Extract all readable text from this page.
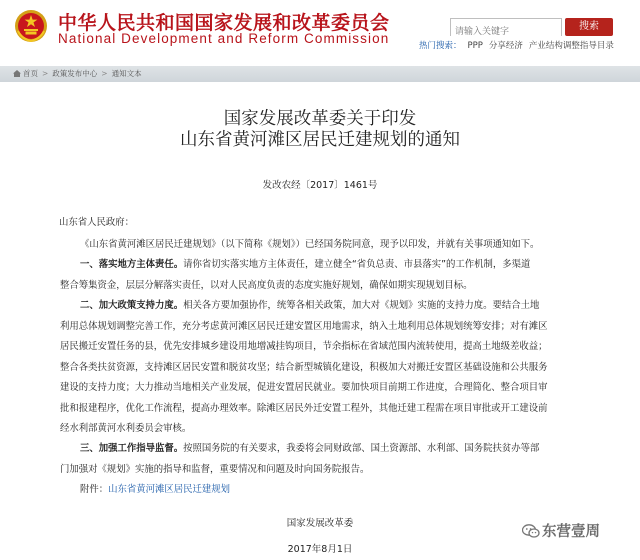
中华人民共和国国家发展和改革委员会
National Development and Reform Commission
请输入关键字
搜索
热门搜索： PPP 分享经济 产业结构调整指导目录
首页 > 政策发布中心 > 通知文本
国家发展改革委关于印发
山东省黄河滩区居民迁建规划的通知
发改农经〔2017〕1461号
山东省人民政府：
《山东省黄河滩区居民迁建规划》（以下简称《规划》）已经国务院同意，现予以印发，并就有关事项通知如下。
一、落实地方主体责任。请你省切实落实地方主体责任，建立健全“省负总责、市县落实”的工作机制，多渠道
整合筹集资金，层层分解落实责任，以对人民高度负责的态度实施好规划，确保如期实现规划目标。
二、加大政策支持力度。相关各方要加强协作，统筹各相关政策，加大对《规划》实施的支持力度。要结合土地
利用总体规划调整完善工作，充分考虑黄河滩区居民迁建安置区用地需求，纳入土地利用总体规划统筹安排；对有滩区
居民搬迁安置任务的县，优先安排城乡建设用地增减挂钩项目，节余指标在省域范围内流转使用，提高土地级差收益；
整合各类扶贫资源，支持滩区居民安置和脱贫攻坚；结合新型城镇化建设，积极加大对搬迁安置区基础设施和公共服务
建设的支持力度；大力推动当地相关产业发展，促进安置居民就业。要加快项目前期工作进度，合理简化、整合项目审
批和报建程序，优化工作流程，提高办理效率。除滩区居民外迁安置工程外，其他迁建工程需在项目审批或开工建设前
经水利部黄河水利委员会审核。
三、加强工作指导监督。按照国务院的有关要求，我委将会同财政部、国土资源部、水利部、国务院扶贫办等部
门加强对《规划》实施的指导和监督，重要情况和问题及时向国务院报告。
附件：山东省黄河滩区居民迁建规划
国家发展改革委
2017年8月1日
东营壹周
